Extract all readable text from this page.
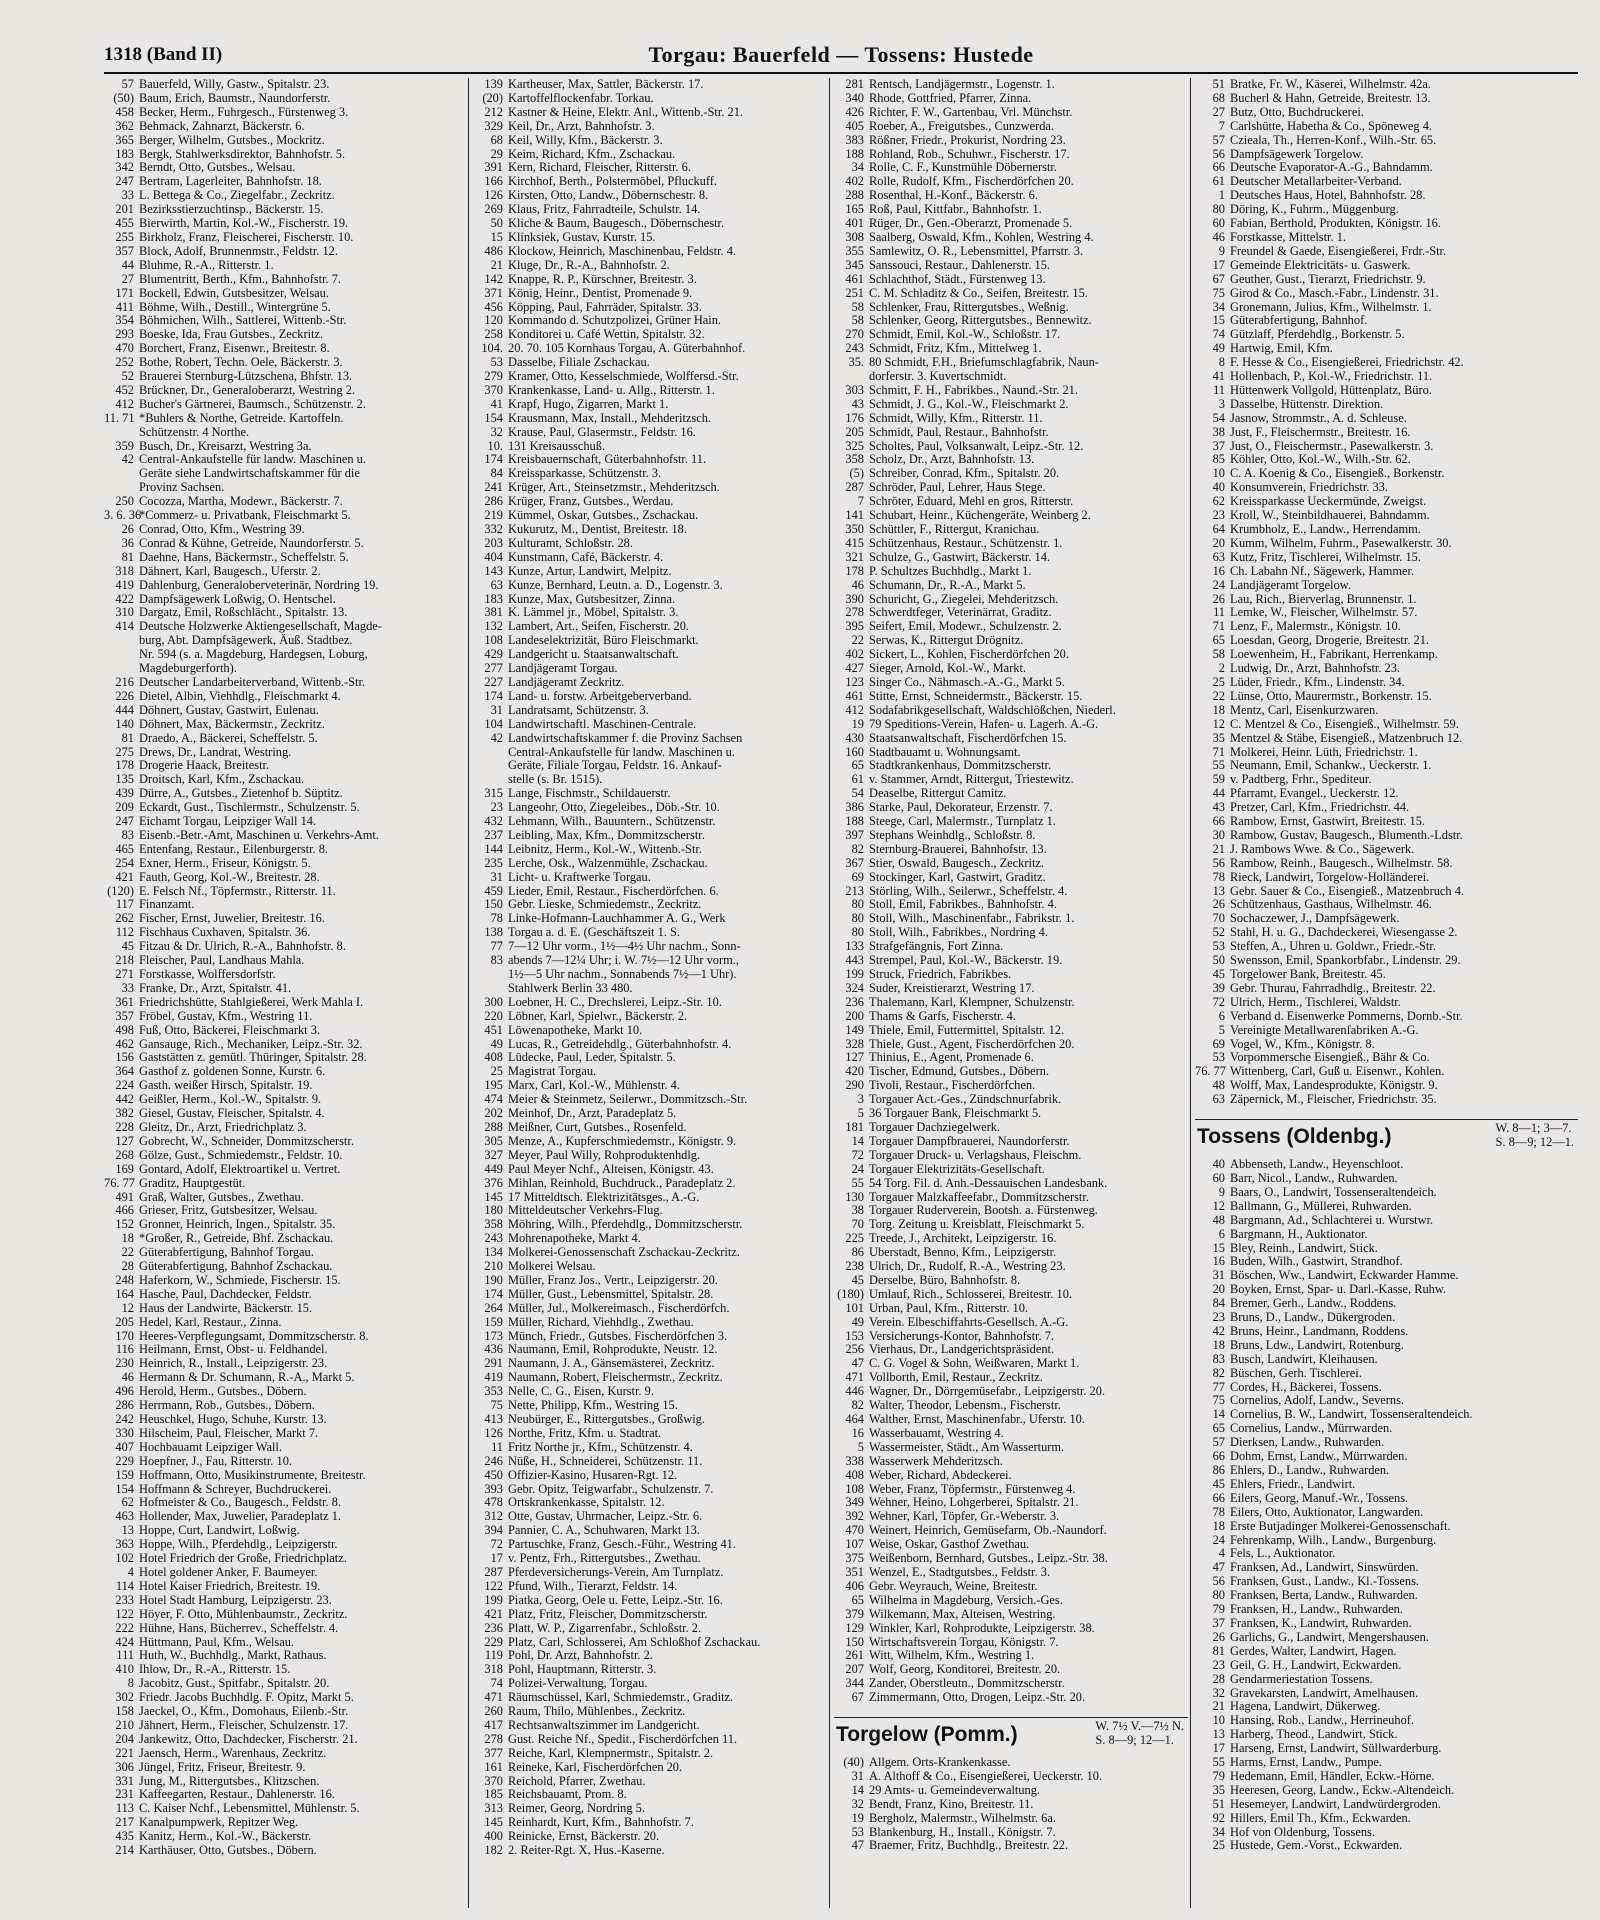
1318 (Band II)	Torgau: Bauerfeld — Tossens: Hustede
57 Bauerfeld, Willy, Gastw., Spitalstr. 23.
(50) Baum, Erich, Baumstr., Naundorferstr.
458 Becker, Herm., Fuhrgesch., Fürstenweg 3.
362 Behmack, Zahnarzt, Bäckerstr. 6.
365 Berger, Wilhelm, Gutsbes., Mockritz.
183 Bergk, Stahlwerksdirektor, Bahnhofstr. 5.
342 Berndt, Otto, Gutsbes., Welsau.
247 Bertram, Lagerleiter, Bahnhofstr. 18.
33 L. Bettega & Co., Ziegelfabr., Zeckritz.
201 Bezirksstierzuchtinsp., Bäckerstr. 15.
455 Bierwirth, Martin, Kol.-W., Fischerstr. 19.
255 Birkholz, Franz, Fleischerei, Fischerstr. 10.
357 Block, Adolf, Brunnenmstr., Feldstr. 12.
44 Bluhme, R.-A., Ritterstr. 1.
27 Blumentritt, Berth., Kfm., Bahnhofstr. 7.
171 Bockell, Edwin, Gutsbesitzer, Welsau.
411 Böhme, Wilh., Destill., Wintergrüne 5.
354 Böhmichen, Wilh., Sattlerei, Wittenb.-Str.
293 Boeske, Ida, Frau Gutsbes., Zeckritz.
470 Borchert, Franz, Eisenwr., Breitestr. 8.
252 Bothe, Robert, Techn. Oele, Bäckerstr. 3.
52 Brauerei Sternburg-Lützschena, Bhfstr. 13.
452 Brückner, Dr., Generaloberarzt, Westring 2.
412 Bucher's Gärtnerei, Baumsch., Schützenstr. 2.
11. 71 *Buhlers & Northe, Getreide. Kartoffeln.
Schützenstr. 4 Northe.
359 Busch, Dr., Kreisarzt, Westring 3a.
42 Central-Ankaufstelle für landw. Maschinen u.
Geräte siehe Landwirtschaftskammer für die
Provinz Sachsen.
250 Cocozza, Martha, Modewr., Bäckerstr. 7.
3. 6. 36*Commerz- u. Privatbank, Fleischmarkt 5.
26 Conrad, Otto, Kfm., Westring 39.
36 Conrad & Kühne, Getreide, Naundorferstr. 5.
81 Daehne, Hans, Bäckermstr., Scheffelstr. 5.
318 Dähnert, Karl, Baugesch., Uferstr. 2.
419 Dahlenburg, Generaloberveterinär, Nordring 19.
422 Dampfsägewerk Loßwig, O. Hentschel.
310 Dargatz, Emil, Roßschlächt., Spitalstr. 13.
414 Deutsche Holzwerke Aktiengesellschaft, Magde-
burg, Abt. Dampfsägewerk, Äuß. Stadtbez.
Nr. 594 (s. a. Magdeburg, Hardegsen, Loburg,
Magdeburgerforth).
216 Deutscher Landarbeiterverband, Wittenb.-Str.
226 Dietel, Albin, Viehhdlg., Fleischmarkt 4.
444 Döhnert, Gustav, Gastwirt, Eulenau.
140 Döhnert, Max, Bäckermstr., Zeckritz.
81 Draedo, A., Bäckerei, Scheffelstr. 5.
275 Drews, Dr., Landrat, Westring.
178 Drogerie Haack, Breitestr.
135 Droitsch, Karl, Kfm., Zschackau.
439 Dürre, A., Gutsbes., Zietenhof b. Süptitz.
209 Eckardt, Gust., Tischlermstr., Schulzenstr. 5.
247 Eichamt Torgau, Leipziger Wall 14.
83 Eisenb.-Betr.-Amt, Maschinen u. Verkehrs-Amt.
465 Entenfang, Restaur., Eilenburgerstr. 8.
254 Exner, Herm., Friseur, Königstr. 5.
421 Fauth, Georg, Kol.-W., Breitestr. 28.
(120) E. Felsch Nf., Töpfermstr., Ritterstr. 11.
117 Finanzamt.
262 Fischer, Ernst, Juwelier, Breitestr. 16.
112 Fischhaus Cuxhaven, Spitalstr. 36.
45 Fitzau & Dr. Ulrich, R.-A., Bahnhofstr. 8.
218 Fleischer, Paul, Landhaus Mahla.
271 Forstkasse, Wolffersdorfstr.
33 Franke, Dr., Arzt, Spitalstr. 41.
361 Friedrichshütte, Stahlgießerei, Werk Mahla I.
357 Fröbel, Gustav, Kfm., Westring 11.
498 Fuß, Otto, Bäckerei, Fleischmarkt 3.
462 Gansauge, Rich., Mechaniker, Leipz.-Str. 32.
156 Gaststätten z. gemütl. Thüringer, Spitalstr. 28.
364 Gasthof z. goldenen Sonne, Kurstr. 6.
224 Gasth. weißer Hirsch, Spitalstr. 19.
442 Geißler, Herm., Kol.-W., Spitalstr. 9.
382 Giesel, Gustav, Fleischer, Spitalstr. 4.
228 Gleitz, Dr., Arzt, Friedrichplatz 3.
127 Gobrecht, W., Schneider, Dommitzscherstr.
268 Gölze, Gust., Schmiedemstr., Feldstr. 10.
169 Gontard, Adolf, Elektroartikel u. Vertret.
76. 77 Graditz, Hauptgestüt.
491 Graß, Walter, Gutsbes., Zwethau.
466 Grieser, Fritz, Gutsbesitzer, Welsau.
152 Gronner, Heinrich, Ingen., Spitalstr. 35.
18 *Großer, R., Getreide, Bhf. Zschackau.
22 Güterabfertigung, Bahnhof Torgau.
28 Güterabfertigung, Bahnhof Zschackau.
248 Haferkorn, W., Schmiede, Fischerstr. 15.
164 Hasche, Paul, Dachdecker, Feldstr.
12 Haus der Landwirte, Bäckerstr. 15.
205 Hedel, Karl, Restaur., Zinna.
170 Heeres-Verpflegungsamt, Dommitzscherstr. 8.
116 Heilmann, Ernst, Obst- u. Feldhandel.
230 Heinrich, R., Install., Leipzigerstr. 23.
46 Hermann & Dr. Schumann, R.-A., Markt 5.
496 Herold, Herm., Gutsbes., Döbern.
286 Herrmann, Rob., Gutsbes., Döbern.
242 Heuschkel, Hugo, Schuhe, Kurstr. 13.
330 Hilscheim, Paul, Fleischer, Markt 7.
407 Hochbauamt Leipziger Wall.
229 Hoepfner, J., Fau, Ritterstr. 10.
159 Hoffmann, Otto, Musikinstrumente, Breitestr.
154 Hoffmann & Schreyer, Buchdruckerei.
62 Hofmeister & Co., Baugesch., Feldstr. 8.
463 Hollender, Max, Juwelier, Paradeplatz 1.
13 Hoppe, Curt, Landwirt, Loßwig.
363 Hoppe, Wilh., Pferdehdlg., Leipzigerstr.
102 Hotel Friedrich der Große, Friedrichplatz.
4 Hotel goldener Anker, F. Baumeyer.
114 Hotel Kaiser Friedrich, Breitestr. 19.
233 Hotel Stadt Hamburg, Leipzigerstr. 23.
122 Höyer, F. Otto, Mühlenbaumstr., Zeckritz.
222 Hühne, Hans, Bücherrev., Scheffelstr. 4.
424 Hüttmann, Paul, Kfm., Welsau.
111 Huth, W., Buchhdlg., Markt, Rathaus.
410 Ihlow, Dr., R.-A., Ritterstr. 15.
8 Jacobitz, Gust., Spitfabr., Spitalstr. 20.
302 Friedr. Jacobs Buchhdlg. F. Opitz, Markt 5.
158 Jaeckel, O., Kfm., Domohaus, Eilenb.-Str.
210 Jähnert, Herm., Fleischer, Schulzenstr. 17.
204 Jankewitz, Otto, Dachdecker, Fischerstr. 21.
221 Jaensch, Herm., Warenhaus, Zeckritz.
306 Jüngel, Fritz, Friseur, Breitestr. 9.
331 Jung, M., Rittergutsbes., Klitzschen.
231 Kaffeegarten, Restaur., Dahlenerstr. 16.
113 C. Kaiser Nchf., Lebensmittel, Mühlenstr. 5.
217 Kanalpumpwerk, Repitzer Weg.
435 Kanitz, Herm., Kol.-W., Bäckerstr.
214 Karthäuser, Otto, Gutsbes., Döbern.
139 Kartheuser, Max, Sattler, Bäckerstr. 17.
(20) Kartoffelflockenfabr. Torkau.
212 Kastner & Heine, Elektr. Anl., Wittenb.-Str. 21.
329 Keil, Dr., Arzt, Bahnhofstr. 3.
68 Keil, Willy, Kfm., Bäckerstr. 3.
29 Keim, Richard, Kfm., Zschackau.
391 Kern, Richard, Fleischer, Ritterstr. 6.
166 Kirchhof, Berth., Polstermöbel, Pfluckuff.
126 Kirsten, Otto, Landw., Döbernschestr. 8.
269 Klaus, Fritz, Fahrradteile, Schulstr. 14.
50 Kliche & Baum, Baugesch., Döbernschestr.
15 Klinksiek, Gustav, Kurstr. 15.
486 Klockow, Heinrich, Maschinenbau, Feldstr. 4.
21 Kluge, Dr., R.-A., Bahnhofstr. 2.
142 Knappe, R. P., Kürschner, Breitestr. 3.
371 König, Heinr., Dentist, Promenade 9.
456 Köpping, Paul, Fahrräder, Spitalstr. 33.
120 Kommando d. Schutzpolizei, Grüner Hain.
258 Konditorei u. Café Wettin, Spitalstr. 32.
104. 20. 70. 105 Kornhaus Torgau, A. Güterbahnhof.
53 Dasselbe, Filiale Zschackau.
279 Kramer, Otto, Kesselschmiede, Wolffersd.-Str.
370 Krankenkasse, Land- u. Allg., Ritterstr. 1.
41 Krapf, Hugo, Zigarren, Markt 1.
154 Krausmann, Max, Install., Mehderitzsch.
32 Krause, Paul, Glasermstr., Feldstr. 16.
10. 131 Kreisausschuß.
174 Kreisbauernschaft, Güterbahnhofstr. 11.
84 Kreissparkasse, Schützenstr. 3.
241 Krüger, Art., Steinsetzmstr., Mehderitzsch.
286 Krüger, Franz, Gutsbes., Werdau.
219 Kümmel, Oskar, Gutsbes., Zschackau.
332 Kukurutz, M., Dentist, Breitestr. 18.
203 Kulturamt, Schloßstr. 28.
404 Kunstmann, Café, Bäckerstr. 4.
143 Kunze, Artur, Landwirt, Melpitz.
63 Kunze, Bernhard, Leutn. a. D., Logenstr. 3.
183 Kunze, Max, Gutsbesitzer, Zinna.
381 K. Lämmel jr., Möbel, Spitalstr. 3.
132 Lambert, Art., Seifen, Fischerstr. 20.
108 Landeselektrizität, Büro Fleischmarkt.
429 Landgericht u. Staatsanwaltschaft.
277 Landjägeramt Torgau.
227 Landjägeramt Zeckritz.
174 Land- u. forstw. Arbeitgeberverband.
31 Landratsamt, Schützenstr. 3.
104 Landwirtschaftl. Maschinen-Centrale.
42 Landwirtschaftskammer f. die Provinz Sachsen
Central-Ankaufstelle für landw. Maschinen u.
Geräte, Filiale Torgau, Feldstr. 16. Ankauf-
stelle (s. Br. 1515).
315 Lange, Fischmstr., Schildauerstr.
23 Langeohr, Otto, Ziegeleibes., Döb.-Str. 10.
432 Lehmann, Wilh., Bauuntern., Schützenstr.
237 Leibling, Max, Kfm., Dommitzscherstr.
144 Leibnitz, Herm., Kol.-W., Wittenb.-Str.
235 Lerche, Osk., Walzenmühle, Zschackau.
31 Licht- u. Kraftwerke Torgau.
459 Lieder, Emil, Restaur., Fischerdörfchen. 6.
150 Gebr. Lieske, Schmiedemstr., Zeckritz.
78 Linke-Hofmann-Lauchhammer A. G., Werk
138 Torgau a. d. E. (Geschäftszeit 1. S.
77 7—12 Uhr vorm., 1½—4½ Uhr nachm., Sonn-
83 abends 7—12¼ Uhr; i. W. 7½—12 Uhr vorm.,
1½—5 Uhr nachm., Sonnabends 7½—1 Uhr).
Stahlwerk Berlin 33 480.
300 Loebner, H. C., Drechslerei, Leipz.-Str. 10.
220 Löbner, Karl, Spielwr., Bäckerstr. 2.
451 Löwenapotheke, Markt 10.
49 Lucas, R., Getreidehdlg., Güterbahnhofstr. 4.
408 Lüdecke, Paul, Leder, Spitalstr. 5.
25 Magistrat Torgau.
195 Marx, Carl, Kol.-W., Mühlenstr. 4.
474 Meier & Steinmetz, Seilerwr., Dommitzsch.-Str.
202 Meinhof, Dr., Arzt, Paradeplatz 5.
288 Meißner, Curt, Gutsbes., Rosenfeld.
305 Menze, A., Kupferschmiedemstr., Königstr. 9.
327 Meyer, Paul Willy, Rohproduktenhdlg.
449 Paul Meyer Nchf., Alteisen, Königstr. 43.
376 Mihlan, Reinhold, Buchdruck., Paradeplatz 2.
145 17 Mitteldtsch. Elektrizitätsges., A.-G.
180 Mitteldeutscher Verkehrs-Flug.
358 Möhring, Wilh., Pferdehdlg., Dommitzscherstr.
243 Mohrenapotheke, Markt 4.
134 Molkerei-Genossenschaft Zschackau-Zeckritz.
210 Molkerei Welsau.
190 Müller, Franz Jos., Vertr., Leipzigerstr. 20.
174 Müller, Gust., Lebensmittel, Spitalstr. 28.
264 Müller, Jul., Molkereimasch., Fischerdörfch.
159 Müller, Richard, Viehhdlg., Zwethau.
173 Münch, Friedr., Gutsbes. Fischerdörfchen 3.
436 Naumann, Emil, Rohprodukte, Neustr. 12.
291 Naumann, J. A., Gänsemästerei, Zeckritz.
419 Naumann, Robert, Fleischermstr., Zeckritz.
353 Nelle, C. G., Eisen, Kurstr. 9.
75 Nette, Philipp, Kfm., Westring 15.
413 Neubürger, E., Rittergutsbes., Großwig.
126 Northe, Fritz, Kfm. u. Stadtrat.
11 Fritz Northe jr., Kfm., Schützenstr. 4.
246 Nüße, H., Schneiderei, Schützenstr. 11.
450 Offizier-Kasino, Husaren-Rgt. 12.
393 Gebr. Opitz, Teigwarfabr., Schulzenstr. 7.
478 Ortskrankenkasse, Spitalstr. 12.
312 Otte, Gustav, Uhrmacher, Leipz.-Str. 6.
394 Pannier, C. A., Schuhwaren, Markt 13.
72 Partuschke, Franz, Gesch.-Führ., Westring 41.
17 v. Pentz, Frh., Rittergutsbes., Zwethau.
287 Pferdeversicherungs-Verein, Am Turnplatz.
122 Pfund, Wilh., Tierarzt, Feldstr. 14.
199 Piatka, Georg, Oele u. Fette, Leipz.-Str. 16.
421 Platz, Fritz, Fleischer, Dommitzscherstr.
236 Platt, W. P., Zigarrenfabr., Schloßstr. 2.
229 Platz, Carl, Schlosserei, Am Schloßhof Zschackau.
119 Pohl, Dr. Arzt, Bahnhofstr. 2.
318 Pohl, Hauptmann, Ritterstr. 3.
74 Polizei-Verwaltung, Torgau.
471 Räumschüssel, Karl, Schmiedemstr., Graditz.
260 Raum, Thilo, Mühlenbes., Zeckritz.
417 Rechtsanwaltszimmer im Landgericht.
278 Gust. Reiche Nf., Spedit., Fischerdörfchen 11.
377 Reiche, Karl, Klempnermstr., Spitalstr. 2.
161 Reineke, Karl, Fischerdörfchen 20.
370 Reichold, Pfarrer, Zwethau.
185 Reichsbauamt, Prom. 8.
313 Reimer, Georg, Nordring 5.
145 Reinhardt, Kurt, Kfm., Bahnhofstr. 7.
400 Reinicke, Ernst, Bäckerstr. 20.
182 2. Reiter-Rgt. X, Hus.-Kaserne.
281 Rentsch, Landjägermstr., Logenstr. 1.
340 Rhode, Gottfried, Pfarrer, Zinna.
426 Richter, F. W., Gartenbau, Vrl. Münchstr.
405 Roeber, A., Freigutsbes., Cunzwerda.
383 Rößner, Friedr., Prokurist, Nordring 23.
188 Rohland, Rob., Schuhwr., Fischerstr. 17.
34 Rolle, C. F., Kunstmühle Döbernerstr.
402 Rolle, Rudolf, Kfm., Fischerdörfchen 20.
288 Rosenthal, H.-Konf., Bäckerstr. 6.
165 Roß, Paul, Kittfabr., Bahnhofstr. 1.
401 Rüger, Dr., Gen.-Oberarzt, Promenade 5.
308 Saalberg, Oswald, Kfm., Kohlen, Westring 4.
355 Samlewitz, O. R., Lebensmittel, Pfarrstr. 3.
345 Sanssouci, Restaur., Dahlenerstr. 15.
461 Schlachthof, Städt., Fürstenweg 13.
251 C. M. Schladitz & Co., Seifen, Breitestr. 15.
58 Schlenker, Frau, Rittergutsbes., Weßnig.
58 Schlenker, Georg, Rittergutsbes., Bennewitz.
270 Schmidt, Emil, Kol.-W., Schloßstr. 17.
243 Schmidt, Fritz, Kfm., Mittelweg 1.
35. 80 Schmidt, F.H., Briefumschlagfabrik, Naun-
dorferstr. 3. Kuvertschmidt.
303 Schmitt, F. H., Fabrikbes., Naund.-Str. 21.
43 Schmidt, J. G., Kol.-W., Fleischmarkt 2.
176 Schmidt, Willy, Kfm., Ritterstr. 11.
205 Schmidt, Paul, Restaur., Bahnhofstr.
325 Scholtes, Paul, Volksanwalt, Leipz.-Str. 12.
358 Scholz, Dr., Arzt, Bahnhofstr. 13.
(5) Schreiber, Conrad, Kfm., Spitalstr. 20.
287 Schröder, Paul, Lehrer, Haus Stege.
7 Schröter, Eduard, Mehl en gros, Ritterstr.
141 Schubart, Heinr., Küchengeräte, Weinberg 2.
350 Schüttler, F., Rittergut, Kranichau.
415 Schützenhaus, Restaur., Schützenstr. 1.
321 Schulze, G., Gastwirt, Bäckerstr. 14.
178 P. Schultzes Buchhdlg., Markt 1.
46 Schumann, Dr., R.-A., Markt 5.
390 Schuricht, G., Ziegelei, Mehderitzsch.
278 Schwerdtfeger, Veterinärrat, Graditz.
395 Seifert, Emil, Modewr., Schulzenstr. 2.
22 Serwas, K., Rittergut Drögnitz.
402 Sickert, L., Kohlen, Fischerdörfchen 20.
427 Sieger, Arnold, Kol.-W., Markt.
123 Singer Co., Nähmasch.-A.-G., Markt 5.
461 Stitte, Ernst, Schneidermstr., Bäckerstr. 15.
412 Sodafabrikgesellschaft, Waldschlößchen, Niederl.
19 79 Speditions-Verein, Hafen- u. Lagerh. A.-G.
430 Staatsanwaltschaft, Fischerdörfchen 15.
160 Stadtbauamt u. Wohnungsamt.
65 Stadtkrankenhaus, Dommitzscherstr.
61 v. Stammer, Arndt, Rittergut, Triestewitz.
54 Deaselbe, Rittergut Camitz.
386 Starke, Paul, Dekorateur, Erzenstr. 7.
188 Steege, Carl, Malermstr., Turnplatz 1.
397 Stephans Weinhdlg., Schloßstr. 8.
82 Sternburg-Brauerei, Bahnhofstr. 13.
367 Stier, Oswald, Baugesch., Zeckritz.
69 Stockinger, Karl, Gastwirt, Graditz.
213 Störling, Wilh., Seilerwr., Scheffelstr. 4.
80 Stoll, Emil, Fabrikbes., Bahnhofstr. 4.
80 Stoll, Wilh., Maschinenfabr., Fabrikstr. 1.
80 Stoll, Wilh., Fabrikbes., Nordring 4.
133 Strafgefängnis, Fort Zinna.
443 Strempel, Paul, Kol.-W., Bäckerstr. 19.
199 Struck, Friedrich, Fabrikbes.
324 Suder, Kreistierarzt, Westring 17.
236 Thalemann, Karl, Klempner, Schulzenstr.
200 Thams & Garfs, Fischerstr. 4.
149 Thiele, Emil, Futtermittel, Spitalstr. 12.
328 Thiele, Gust., Agent, Fischerdörfchen 20.
127 Thinius, E., Agent, Promenade 6.
420 Tischer, Edmund, Gutsbes., Döbern.
290 Tivoli, Restaur., Fischerdörfchen.
3 Torgauer Act.-Ges., Zündschnurfabrik.
5 36 Torgauer Bank, Fleischmarkt 5.
181 Torgauer Dachziegelwerk.
14 Torgauer Dampfbrauerei, Naundorferstr.
72 Torgauer Druck- u. Verlagshaus, Fleischm.
24 Torgauer Elektrizitäts-Gesellschaft.
55 54 Torg. Fil. d. Anh.-Dessauischen Landesbank.
130 Torgauer Malzkaffeefabr., Dommitzscherstr.
38 Torgauer Ruderverein, Bootsh. a. Fürstenweg.
70 Torg. Zeitung u. Kreisblatt, Fleischmarkt 5.
225 Treede, J., Architekt, Leipzigerstr. 16.
86 Uberstadt, Benno, Kfm., Leipzigerstr.
238 Ulrich, Dr., Rudolf, R.-A., Westring 23.
45 Derselbe, Büro, Bahnhofstr. 8.
(180) Umlauf, Rich., Schlosserei, Breitestr. 10.
101 Urban, Paul, Kfm., Ritterstr. 10.
49 Verein. Elbeschiffahrts-Gesellsch. A.-G.
153 Versicherungs-Kontor, Bahnhofstr. 7.
256 Vierhaus, Dr., Landgerichtspräsident.
47 C. G. Vogel & Sohn, Weißwaren, Markt 1.
471 Vollborth, Emil, Restaur., Zeckritz.
446 Wagner, Dr., Dörrgemüsefabr., Leipzigerstr. 20.
82 Walter, Theodor, Lebensm., Fischerstr.
464 Walther, Ernst, Maschinenfabr., Uferstr. 10.
16 Wasserbauamt, Westring 4.
5 Wassermeister, Städt., Am Wasserturm.
338 Wasserwerk Mehderitzsch.
408 Weber, Richard, Abdeckerei.
108 Weber, Franz, Töpfermstr., Fürstenweg 4.
349 Wehner, Heino, Lohgerberei, Spitalstr. 21.
392 Wehner, Karl, Töpfer, Gr.-Weberstr. 3.
470 Weinert, Heinrich, Gemüsefarm, Ob.-Naundorf.
107 Weise, Oskar, Gasthof Zwethau.
375 Weißenborn, Bernhard, Gutsbes., Leipz.-Str. 38.
351 Wenzel, E., Stadtgutsbes., Feldstr. 3.
406 Gebr. Weyrauch, Weine, Breitestr.
65 Wilhelma in Magdeburg, Versich.-Ges.
379 Wilkemann, Max, Alteisen, Westring.
129 Winkler, Karl, Rohprodukte, Leipzigerstr. 38.
150 Wirtschaftsverein Torgau, Königstr. 7.
261 Witt, Wilhelm, Kfm., Westring 1.
207 Wolf, Georg, Konditorei, Breitestr. 20.
344 Zander, Oberstleutn., Dommitzscherstr.
67 Zimmermann, Otto, Drogen, Leipz.-Str. 20.
Torgelow (Pomm.)	W. 7½ V.—7½ N.
S. 8—9; 12—1.
(40) Allgem. Orts-Krankenkasse.
31 A. Althoff & Co., Eisengießerei, Ueckerstr. 10.
14 29 Amts- u. Gemeindeverwaltung.
32 Bendt, Franz, Kino, Breitestr. 11.
19 Bergholz, Malermstr., Wilhelmstr. 6a.
53 Blankenburg, H., Install., Königstr. 7.
47 Braemer, Fritz, Buchhdlg., Breitestr. 22.
51 Bratke, Fr. W., Käserei, Wilhelmstr. 42a.
68 Bucherl & Hahn, Getreide, Breitestr. 13.
27 Butz, Otto, Buchdruckerei.
7 Carlshütte, Habetha & Co., Spöneweg 4.
57 Czieala, Th., Herren-Konf., Wilh.-Str. 65.
56 Dampfsägewerk Torgelow.
66 Deutsche Evaporator-A.-G., Bahndamm.
61 Deutscher Metallarbeiter-Verband.
1 Deutsches Haus, Hotel, Bahnhofstr. 28.
80 Döring, K., Fuhrm., Müggenburg.
60 Fabian, Berthold, Produkten, Königstr. 16.
46 Forstkasse, Mittelstr. 1.
9 Freundel & Gaede, Eisengießerei, Frdr.-Str.
17 Gemeinde Elektricitäts- u. Gaswerk.
67 Geuther, Gust., Tierarzt, Friedrichstr. 9.
75 Girod & Co., Masch.-Fabr., Lindenstr. 31.
34 Gronemann, Julius, Kfm., Wilhelmstr. 1.
15 Güterabfertigung, Bahnhof.
74 Gützlaff, Pferdehdlg., Borkenstr. 5.
49 Hartwig, Emil, Kfm.
8 F. Hesse & Co., Eisengießerei, Friedrichstr. 42.
41 Hollenbach, P., Kol.-W., Friedrichstr. 11.
11 Hüttenwerk Vollgold, Hüttenplatz, Büro.
3 Dasselbe, Hüttenstr. Direktion.
54 Jasnow, Strommstr., A. d. Schleuse.
38 Just, F., Fleischermstr., Breitestr. 16.
37 Just, O., Fleischermstr., Pasewalkerstr. 3.
85 Köhler, Otto, Kol.-W., Wilh.-Str. 62.
10 C. A. Koenig & Co., Eisengieß., Borkenstr.
40 Konsumverein, Friedrichstr. 33.
62 Kreissparkasse Ueckermünde, Zweigst.
23 Kroll, W., Steinbildhauerei, Bahndamm.
64 Krumbholz, E., Landw., Herrendamm.
20 Kumm, Wilhelm, Fuhrm., Pasewalkerstr. 30.
63 Kutz, Fritz, Tischlerei, Wilhelmstr. 15.
16 Ch. Labahn Nf., Sägewerk, Hammer.
24 Landjägeramt Torgelow.
26 Lau, Rich., Bierverlag, Brunnenstr. 1.
11 Lemke, W., Fleischer, Wilhelmstr. 57.
71 Lenz, F., Malermstr., Königstr. 10.
65 Loesdan, Georg, Drogerie, Breitestr. 21.
58 Loewenheim, H., Fabrikant, Herrenkamp.
2 Ludwig, Dr., Arzt, Bahnhofstr. 23.
25 Lüder, Friedr., Kfm., Lindenstr. 34.
22 Lünse, Otto, Maurermstr., Borkenstr. 15.
18 Mentz, Carl, Eisenkurzwaren.
12 C. Mentzel & Co., Eisengieß., Wilhelmstr. 59.
35 Mentzel & Stäbe, Eisengieß., Matzenbruch 12.
71 Molkerei, Heinr. Lüth, Friedrichstr. 1.
55 Neumann, Emil, Schankw., Ueckerstr. 1.
59 v. Padtberg, Frhr., Spediteur.
44 Pfarramt, Evangel., Ueckerstr. 12.
43 Pretzer, Carl, Kfm., Friedrichstr. 44.
66 Rambow, Ernst, Gastwirt, Breitestr. 15.
30 Rambow, Gustav, Baugesch., Blumenth.-Ldstr.
21 J. Rambows Wwe. & Co., Sägewerk.
56 Rambow, Reinh., Baugesch., Wilhelmstr. 58.
78 Rieck, Landwirt, Torgelow-Holländerei.
13 Gebr. Sauer & Co., Eisengieß., Matzenbruch 4.
26 Schützenhaus, Gasthaus, Wilhelmstr. 46.
70 Sochaczewer, J., Dampfsägewerk.
52 Stahl, H. u. G., Dachdeckerei, Wiesengasse 2.
53 Steffen, A., Uhren u. Goldwr., Friedr.-Str.
50 Swensson, Emil, Spankorbfabr., Lindenstr. 29.
45 Torgelower Bank, Breitestr. 45.
39 Gebr. Thurau, Fahrradhdlg., Breitestr. 22.
72 Ulrich, Herm., Tischlerei, Waldstr.
6 Verband d. Eisenwerke Pommerns, Dornb.-Str.
5 Vereinigte Metallwarenfabriken A.-G.
69 Vogel, W., Kfm., Königstr. 8.
53 Vorpommersche Eisengieß., Bähr & Co.
76. 77 Wittenberg, Carl, Guß u. Eisenwr., Kohlen.
48 Wolff, Max, Landesprodukte, Königstr. 9.
63 Zäpernick, M., Fleischer, Friedrichstr. 35.
Tossens (Oldenbg.)	W. 8—1; 3—7.
S. 8—9; 12—1.
40 Abbenseth, Landw., Heyenschloot.
60 Barr, Nicol., Landw., Ruhwarden.
9 Baars, O., Landwirt, Tossenseraltendeich.
12 Ballmann, G., Müllerei, Ruhwarden.
48 Bargmann, Ad., Schlachterei u. Wurstwr.
6 Bargmann, H., Auktionator.
15 Bley, Reinh., Landwirt, Stick.
16 Buden, Wilh., Gastwirt, Strandhof.
31 Böschen, Ww., Landwirt, Eckwarder Hamme.
20 Boyken, Ernst, Spar- u. Darl.-Kasse, Ruhw.
84 Bremer, Gerh., Landw., Roddens.
23 Bruns, D., Landw., Dükergroden.
42 Bruns, Heinr., Landmann, Roddens.
18 Bruns, Ldw., Landwirt, Rotenburg.
83 Busch, Landwirt, Kleihausen.
82 Büschen, Gerh. Tischlerei.
77 Cordes, H., Bäckerei, Tossens.
75 Cornelius, Adolf, Landw., Severns.
14 Cornelius, B. W., Landwirt, Tossenseraltendeich.
65 Cornelius, Landw., Mürrwarden.
57 Dierksen, Landw., Ruhwarden.
66 Dohm, Ernst, Landw., Mürrwarden.
86 Ehlers, D., Landw., Ruhwarden.
45 Ehlers, Friedr., Landwirt.
66 Eilers, Georg, Manuf.-Wr., Tossens.
78 Eilers, Otto, Auktionator, Langwarden.
18 Erste Butjadinger Molkerei-Genossenschaft.
24 Fehrenkamp, Wilh., Landw., Burgenburg.
4 Fels, L., Auktionator.
47 Franksen, Ad., Landwirt, Sinswürden.
56 Franksen, Gust., Landw., Kl.-Tossens.
80 Franksen, Berta, Landw., Ruhwarden.
79 Franksen, H., Landw., Ruhwarden.
37 Franksen, K., Landwirt, Ruhwarden.
26 Garlichs, G., Landwirt, Mengershausen.
81 Gerdes, Walter, Landwirt, Hagen.
23 Geil, G. H., Landwirt, Eckwarden.
28 Gendarmeriestation Tossens.
32 Gravekarsten, Landwirt, Amelhausen.
21 Hagena, Landwirt, Dükerweg.
10 Hansing, Rob., Landw., Herrineuhof.
13 Harberg, Theod., Landwirt, Stick.
17 Harseng, Ernst, Landwirt, Süllwarderburg.
55 Harms, Ernst, Landw., Pumpe.
79 Hedemann, Emil, Händler, Eckw.-Hörne.
35 Heeresen, Georg, Landw., Eckw.-Altendeich.
51 Hesemeyer, Landwirt, Landwürdergroden.
92 Hillers, Emil Th., Kfm., Eckwarden.
34 Hof von Oldenburg, Tossens.
25 Hustede, Gem.-Vorst., Eckwarden.
